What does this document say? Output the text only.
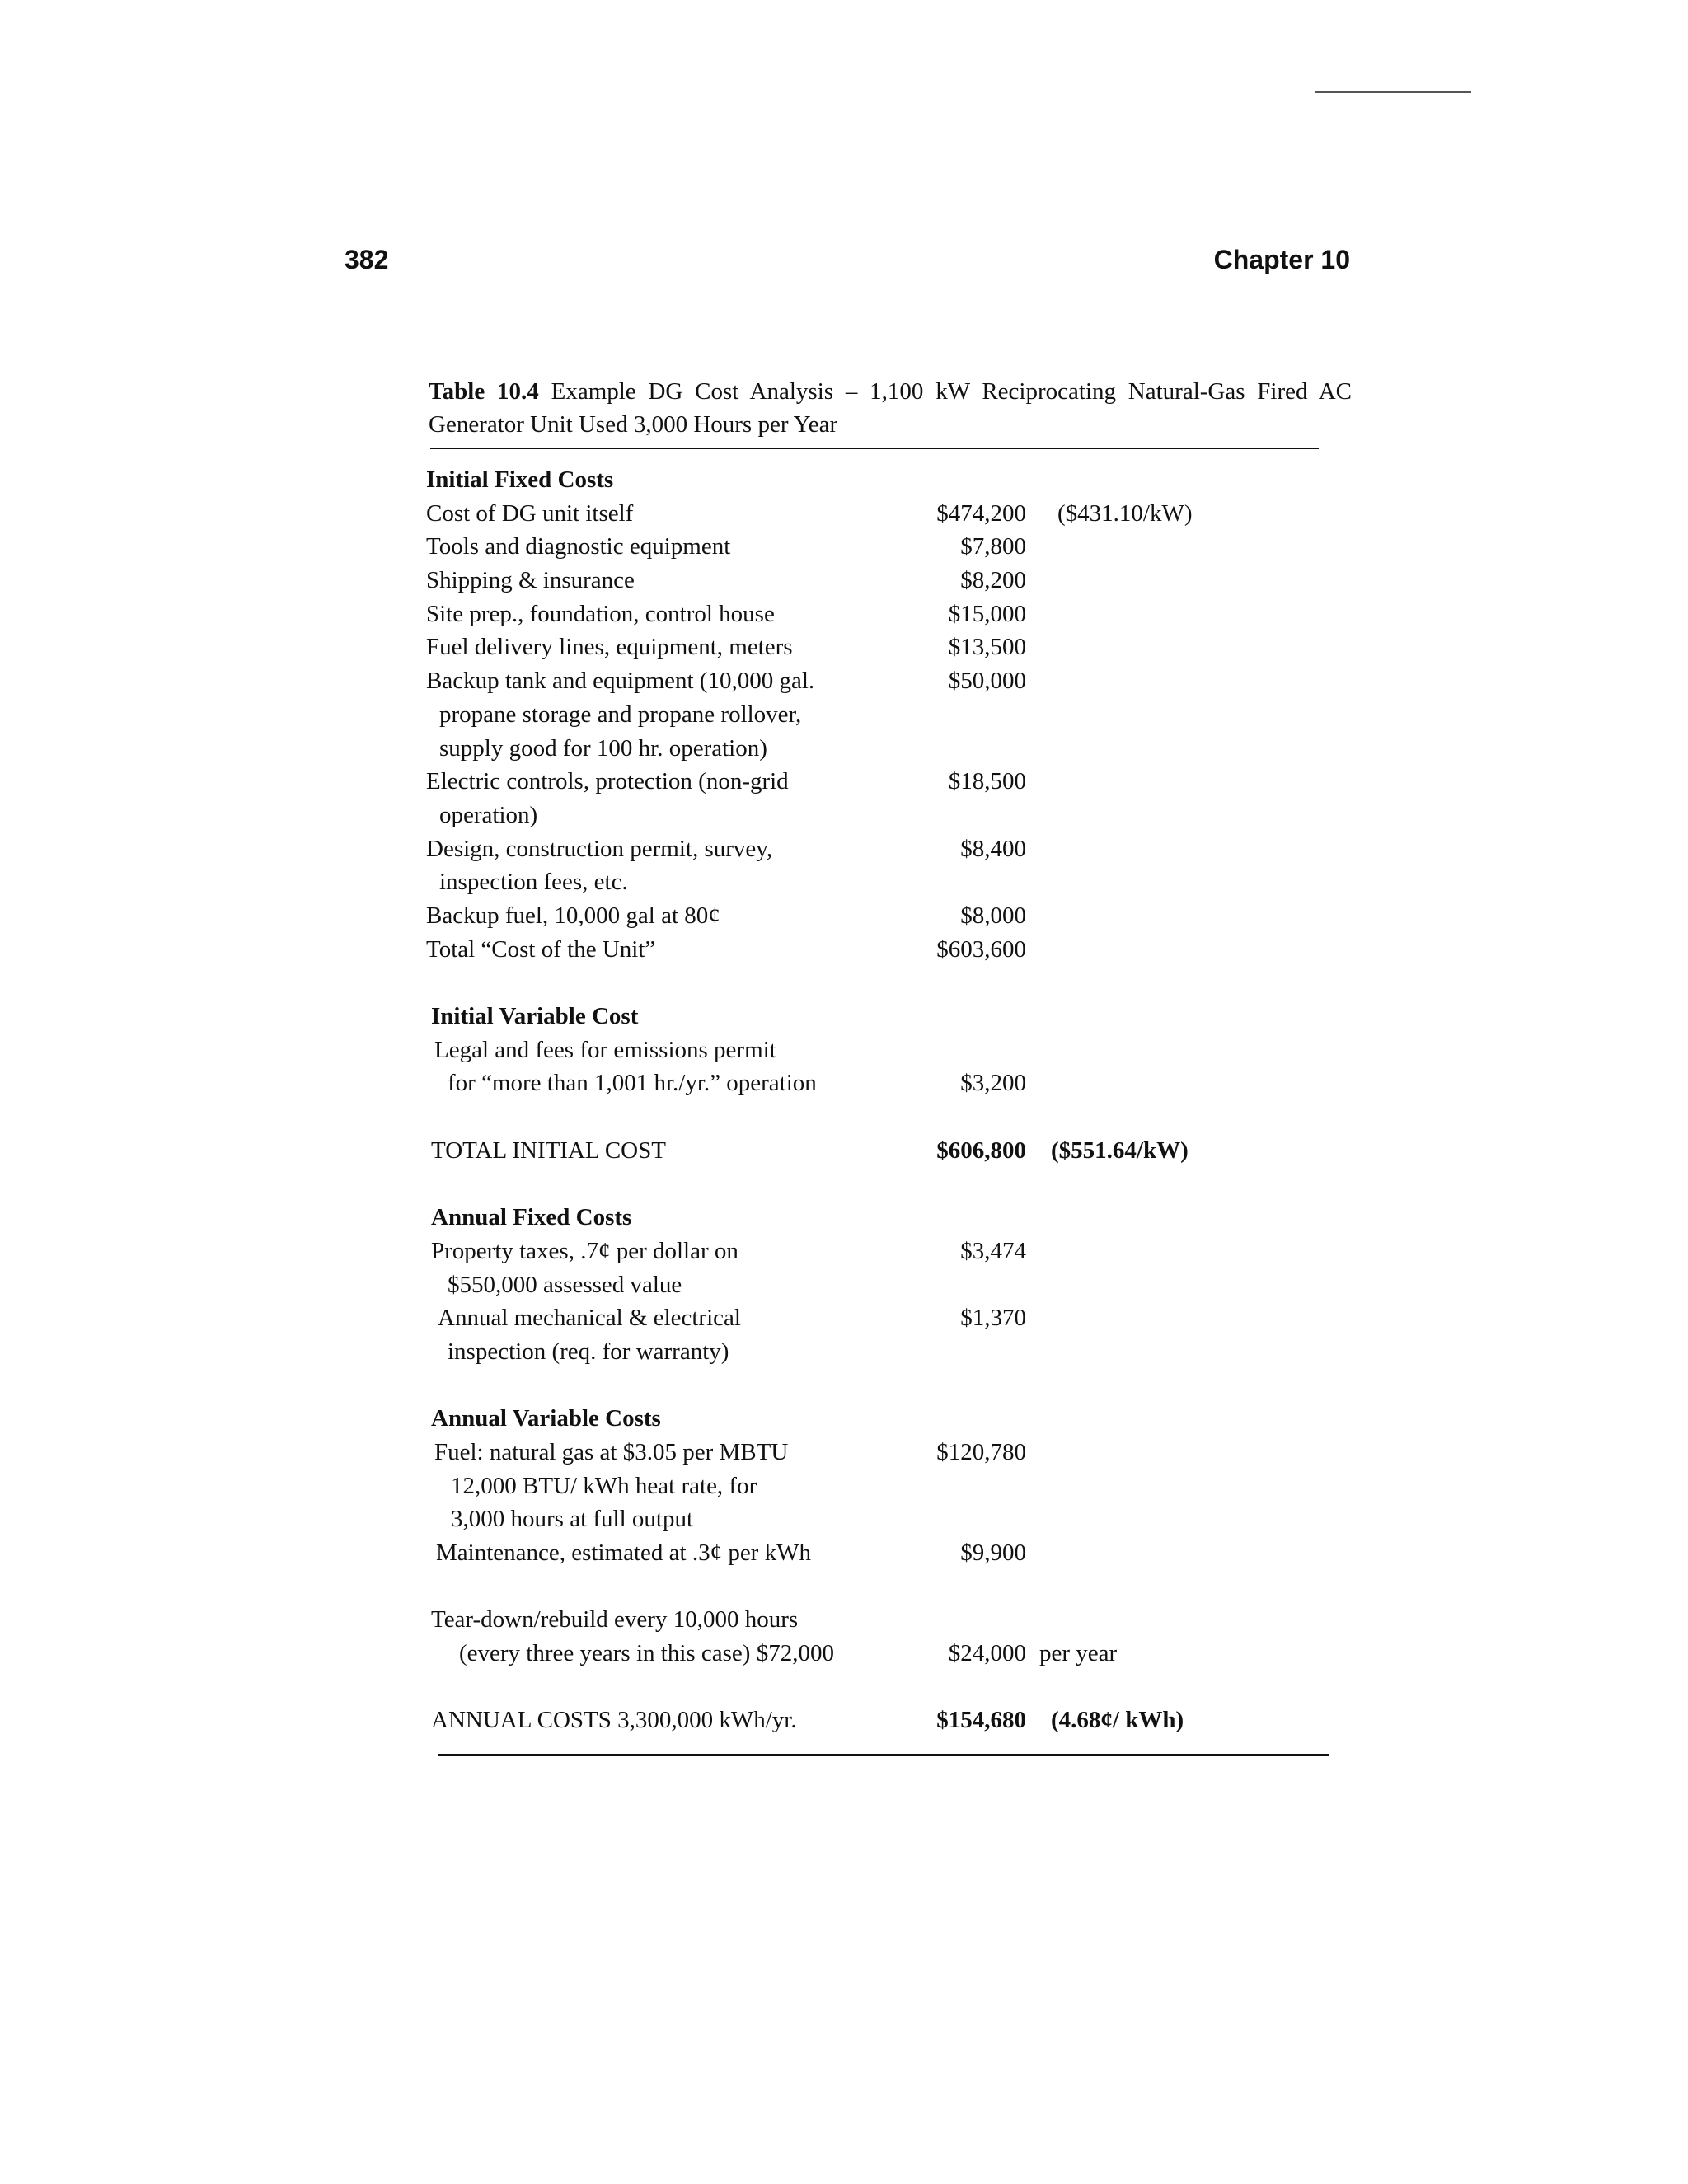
382	Chapter 10
Table 10.4 Example DG Cost Analysis – 1,100 kW Reciprocating Natural-Gas Fired AC
Generator Unit Used 3,000 Hours per Year
Initial Fixed Costs
Cost of DG unit itself	$474,200 ($431.10/kW)
Tools and diagnostic equipment	$7,800
Shipping & insurance	$8,200
Site prep., foundation, control house	$15,000
Fuel delivery lines, equipment, meters	$13,500
Backup tank and equipment (10,000 gal.	$50,000
propane storage and propane rollover,
supply good for 100 hr. operation)
Electric controls, protection (non-grid	$18,500
operation)
Design, construction permit, survey,	$8,400
inspection fees, etc.
Backup fuel, 10,000 gal at 80¢	$8,000
Total “Cost of the Unit”	$603,600
Initial Variable Cost
Legal and fees for emissions permit
for “more than 1,001 hr./yr.” operation	$3,200
TOTAL INITIAL COST	$606,800 ($551.64/kW)
Annual Fixed Costs
Property taxes, .7¢ per dollar on	$3,474
$550,000 assessed value
Annual mechanical & electrical	$1,370
inspection (req. for warranty)
Annual Variable Costs
Fuel: natural gas at $3.05 per MBTU	$120,780
12,000 BTU/ kWh heat rate, for
3,000 hours at full output
Maintenance, estimated at .3¢ per kWh	$9,900
Tear-down/rebuild every 10,000 hours
(every three years in this case) $72,000	$24,000 per year
ANNUAL COSTS 3,300,000 kWh/yr.	$154,680 (4.68¢/ kWh)
